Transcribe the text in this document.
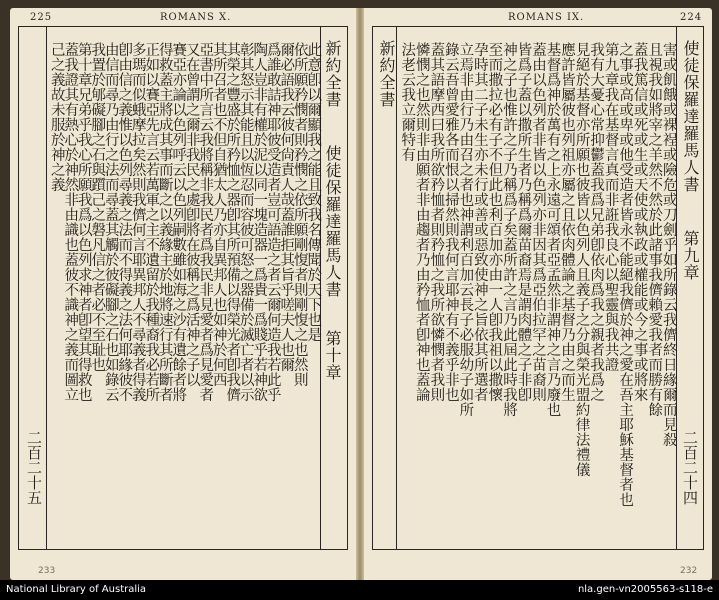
225	ROMANS X.
新約全書
使徒保羅達羅馬人書
第十章
二百二十五
此意卽以爾顯我之能且致我名傳聞於天下也是
依所願矜憫者則矜憫之依所願剛愎者則剛愎之也然則
爾必語我云彼何尙責人哉蓋誰拒其旨乎嗟夫人也爾
爲誰敢詰神耶彼受造者豈可語造之者云爾何造我若此乎
陶人豈非有權於泥以同一塊造器一爲貴一爲賤乎若神欲
彰其怒示其能且以恆忍而容彼可怒之器備於滅亡者以示
其榮之豐盛於所矜恤之器卽其所預備以得榮光者卽我儕
其所召者也不但自猶太人乃亦自異邦人也如神於何西
亞書中所言云我將稱非我民者爲我民非見愛者爲見愛者
又在曾謂之爾非我民之處卽將在彼稱之爲活神之子以
賽亞亦論以色列呼云以色列嗣數雖如海之沙有遺餘者將
得救蓋主將成其事而斷之以義緣主於地將速行其所斷者
正如以賽亞先言云若萬軍之主不遺留於我種裔我必若所
多瑪而似蛾摩拉矣然則我儕何言耶異邦人不尋義者得義
卽由信之義惟以色列尋義之法而不得義之法何耶緣彼不
由信而尋乃由行之法而尋蓋其觸於彼礙腳之石也如錄云
我置於郇礙腳之石與躓己之磐凡信之者必不至耻也
第十章兄弟乎我心所願我爲以色列求神者卽望其得救也
蓋我證其有熱心於神然非由識也蓋彼不識神之義而圖立
己之義故未服於神之義
233
ROMANS IX.	224
新約全書	使徒保羅達羅馬人書
第九章
二百二十四
害或飢餓或裸裎或險危或刀劍乎如所錄云我儕終日緣爾而見殺
且視我如將宰之羊然不然於此諸事我儕賴愛我者而勝有餘
蓋我篤信或死或生或天使或執政或權能或今之事或將來
之事或高或卑或他受造者皆永不能絕我儕於神之愛在吾主耶穌基督者也
第九章我在基督言真而非誑我良心以聖靈與我共證
我有大憂心常抑鬱蓋我爲兄弟卽依肉爲我之親者我爲之
見絕於基督亦所願也彼皆以色列人且義子之分與榮光盟約律法禮儀
應許皆屬彼也列祖亦屬之且依肉體論之基督乃由之而生
基督爲神於萬有之上永遠可頌者亞孟然非謂神之言乃廢也
蓋由以色列者非皆以色列亦非因其爲亞伯拉罕之苗裔則
皆爲子蓋以撒所生者乃稱爲爾苗裔焉是謂肉體之子非卽
神之子也惟許之子乃稱爲子矣蓋所許之言乃此屆此時我將
至而撒拉必有子不但此也利百加亦由一人卽我祖以撒懷
孕時其二子未生亦未行或善或惡致使神之旨依其所選者
立焉非由行乃由召之者也神謂利百加云長子必服幼子如所
錄云吾曾愛雅各而恨以掃然則我何言耶神有不義乎非也
蓋其語摩西曰我所欲矜恤者則矜恤之我所欲憐憫者我則
憐憫之也然則非由願者非由趨者乃由矜恤者卽神也蓋論
法老云我立爾特有
232
National Library of Australia	nla.gen-vn2005563-s118-e
